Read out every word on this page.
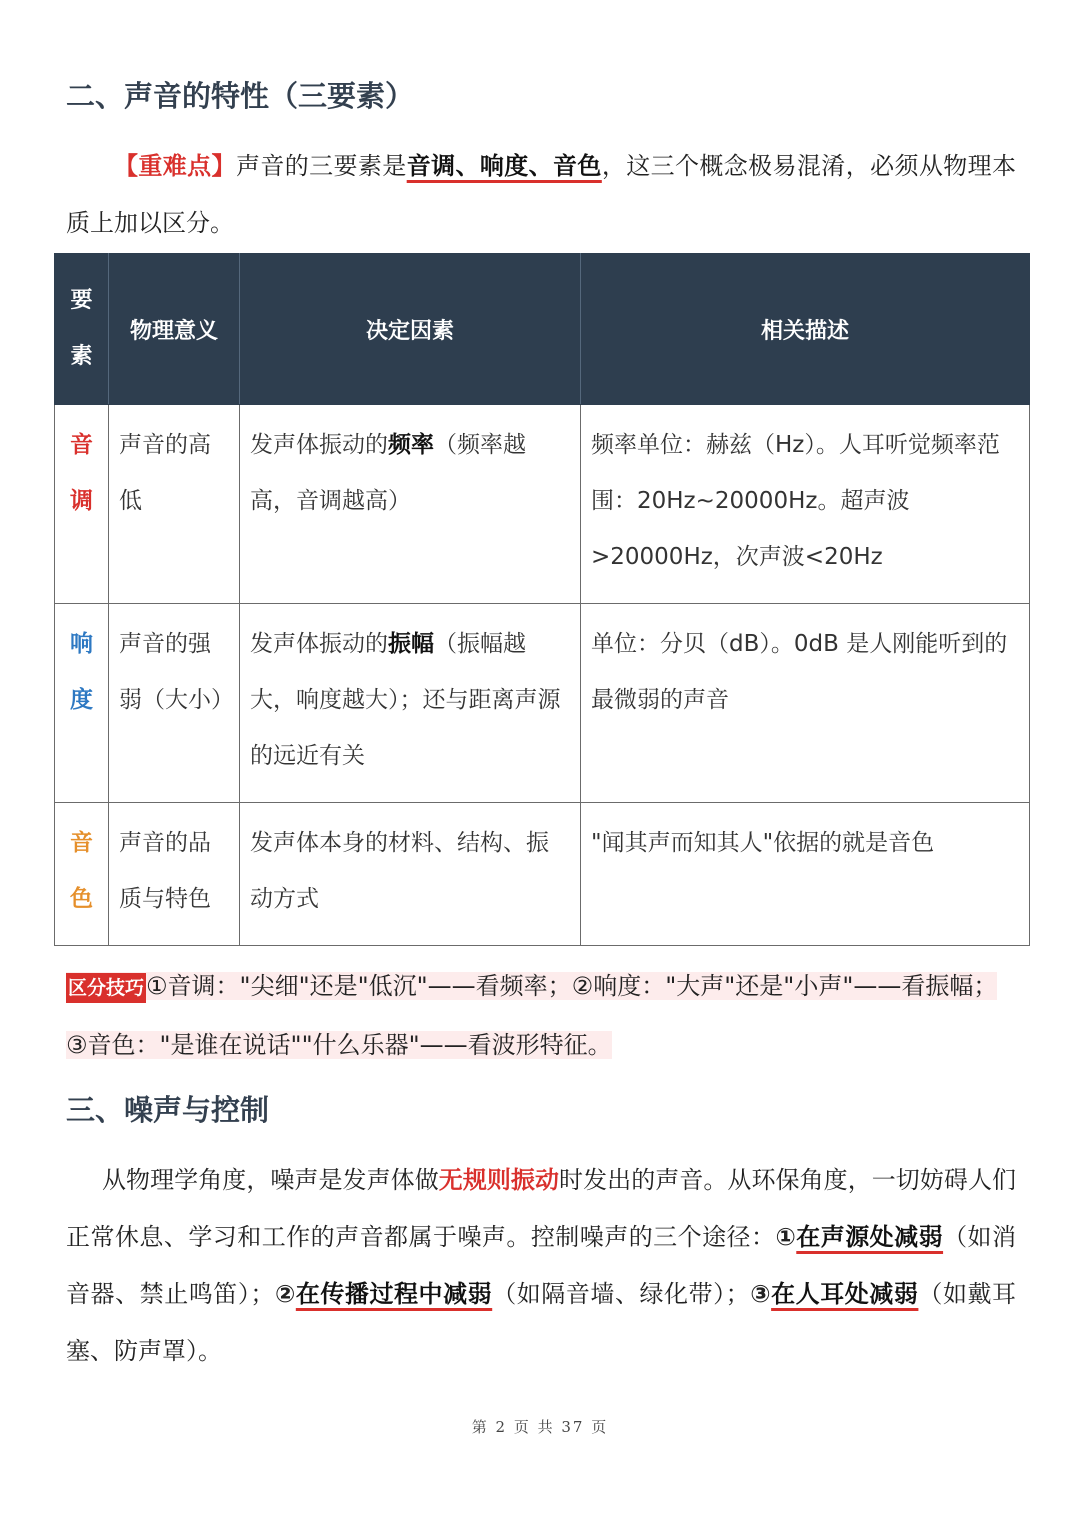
二、声音的特性（三要素）

【重难点】声音的三要素是音调、响度、音色，这三个概念极易混淆，必须从物理本质上加以区分。

要素	物理意义	决定因素	相关描述
音调	声音的高低	发声体振动的频率（频率越高，音调越高）	频率单位：赫兹（Hz）。人耳听觉频率范围：20Hz~20000Hz。超声波>20000Hz，次声波<20Hz
响度	声音的强弱（大小）	发声体振动的振幅（振幅越大，响度越大）；还与距离声源的远近有关	单位：分贝（dB）。0dB 是人刚能听到的最微弱的声音
音色	声音的品质与特色	发声体本身的材料、结构、振动方式	"闻其声而知其人"依据的就是音色

区分技巧①音调："尖细"还是"低沉"——看频率；②响度："大声"还是"小声"——看振幅；③音色："是谁在说话""什么乐器"——看波形特征。

三、噪声与控制

从物理学角度，噪声是发声体做无规则振动时发出的声音。从环保角度，一切妨碍人们正常休息、学习和工作的声音都属于噪声。控制噪声的三个途径：①在声源处减弱（如消音器、禁止鸣笛）；②在传播过程中减弱（如隔音墙、绿化带）；③在人耳处减弱（如戴耳塞、防声罩）。

第 2 页 共 37 页
